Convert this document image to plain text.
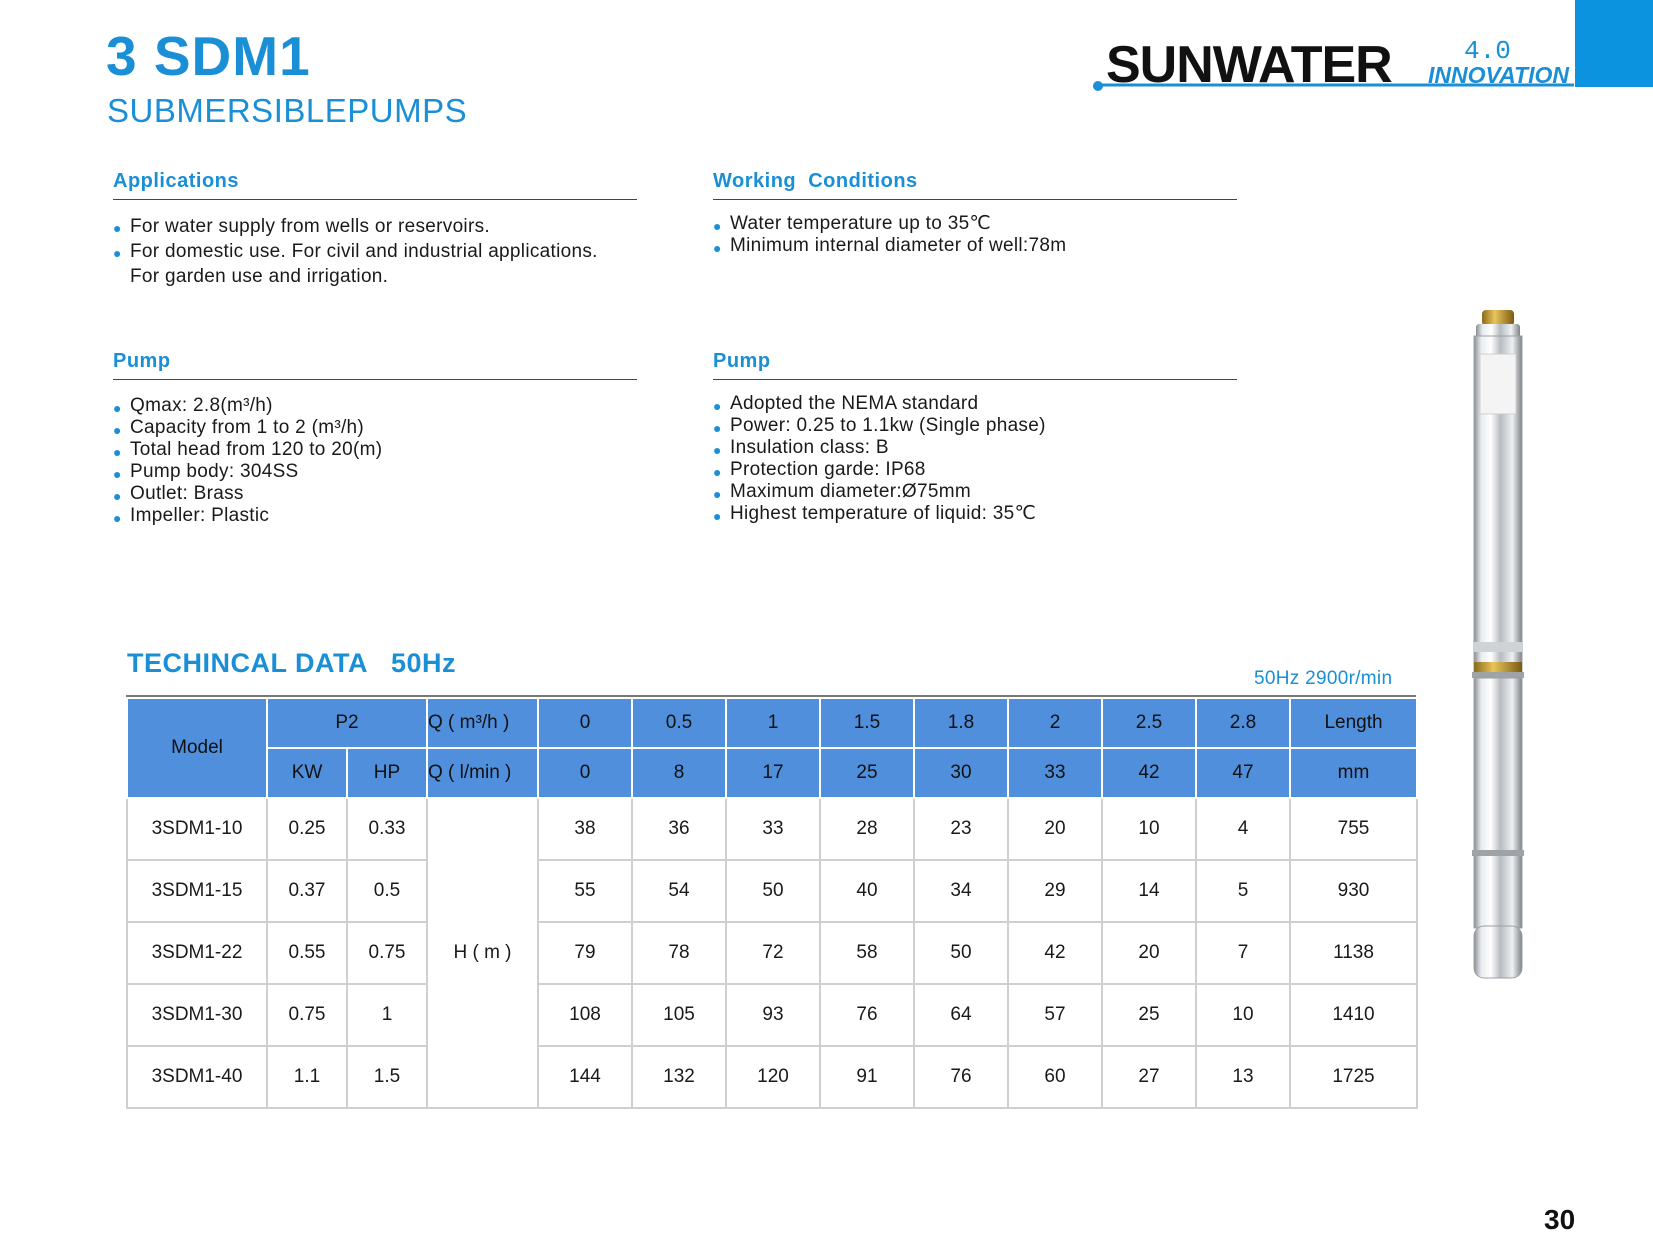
3 SDM1
SUBMERSIBLEPUMPS
SUNWATER	4.0
INNOVATION
Applications
● For water supply from wells or reservoirs.
● For domestic use. For civil and industrial applications.
For garden use and irrigation.
Working  Conditions
● Water temperature up to 35℃
● Minimum internal diameter of well:78m
Pump
● Qmax: 2.8(m³/h)
● Capacity from 1 to 2 (m³/h)
● Total head from 120 to 20(m)
● Pump body: 304SS
● Outlet: Brass
● Impeller: Plastic
Pump
● Adopted the NEMA standard
● Power: 0.25 to 1.1kw (Single phase)
● Insulation class: B
● Protection garde: IP68
● Maximum diameter:Ø75mm
● Highest temperature of liquid: 35℃
TECHINCAL DATA   50Hz
50Hz 2900r/min
Model	P2		Q ( m³/h )	0	0.5	1	1.5	1.8	2	2.5	2.8	Length
	KW	HP	Q ( l/min )	0	8	17	25	30	33	42	47	mm
3SDM1-10	0.25	0.33	H ( m )	38	36	33	28	23	20	10	4	755
3SDM1-15	0.37	0.5		55	54	50	40	34	29	14	5	930
3SDM1-22	0.55	0.75		79	78	72	58	50	42	20	7	1138
3SDM1-30	0.75	1		108	105	93	76	64	57	25	10	1410
3SDM1-40	1.1	1.5		144	132	120	91	76	60	27	13	1725
30
